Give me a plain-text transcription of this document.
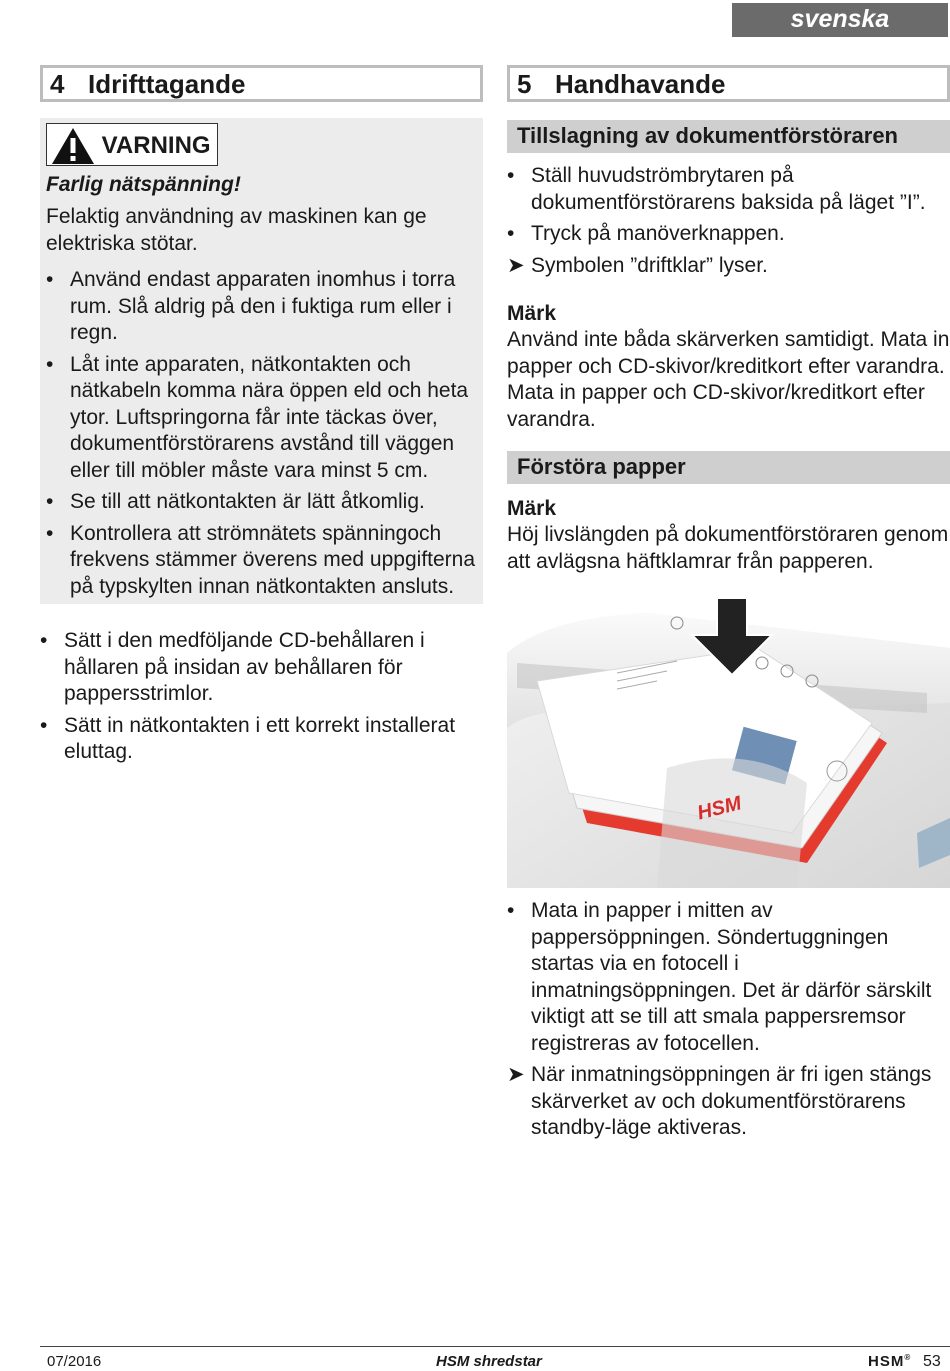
svenska
4 Idrifttagande
VARNING
Farlig nätspänning!

Felaktig användning av maskinen kan ge elektriska stötar.

• Använd endast apparaten inomhus i torra rum. Slå aldrig på den i fuktiga rum eller i regn.
• Låt inte apparaten, nätkontakten och nätkabeln komma nära öppen eld och heta ytor. Luftspringorna får inte täckas över, dokumentförstörarens avstånd till väggen eller till möbler måste vara minst 5 cm.
• Se till att nätkontakten är lätt åtkomlig.
• Kontrollera att strömnätets spänningoch frekvens stämmer överens med uppgifterna på typskylten innan nätkontakten ansluts.
• Sätt i den medföljande CD-behållaren i hållaren på insidan av behållaren för pappersstrimlor.
• Sätt in nätkontakten i ett korrekt installerat eluttag.
5 Handhavande
Tillslagning av dokumentförstöraren
• Ställ huvudströmbrytaren på dokumentförstörarens baksida på läget ”I”.
• Tryck på manöverknappen.
➤ Symbolen ”driftklar” lyser.
Märk

Använd inte båda skärverken samtidigt. Mata in papper och CD-skivor/kreditkort efter varandra. Mata in papper och CD-skivor/kreditkort efter varandra.

Förstöra papper
Märk

Höj livslängden på dokumentförstöraren genom att avlägsna häftklamrar från papperen.

HSM
• Mata in papper i mitten av pappersöppningen. Söndertuggningen startas via en fotocell i inmatningsöppningen. Det är därför särskilt viktigt att se till att smala pappersremsor registreras av fotocellen.
➤ När inmatningsöppningen är fri igen stängs skärverket av och dokumentförstörarens standby-läge aktiveras.
07/2016	HSM shredstar	HSM® 53
